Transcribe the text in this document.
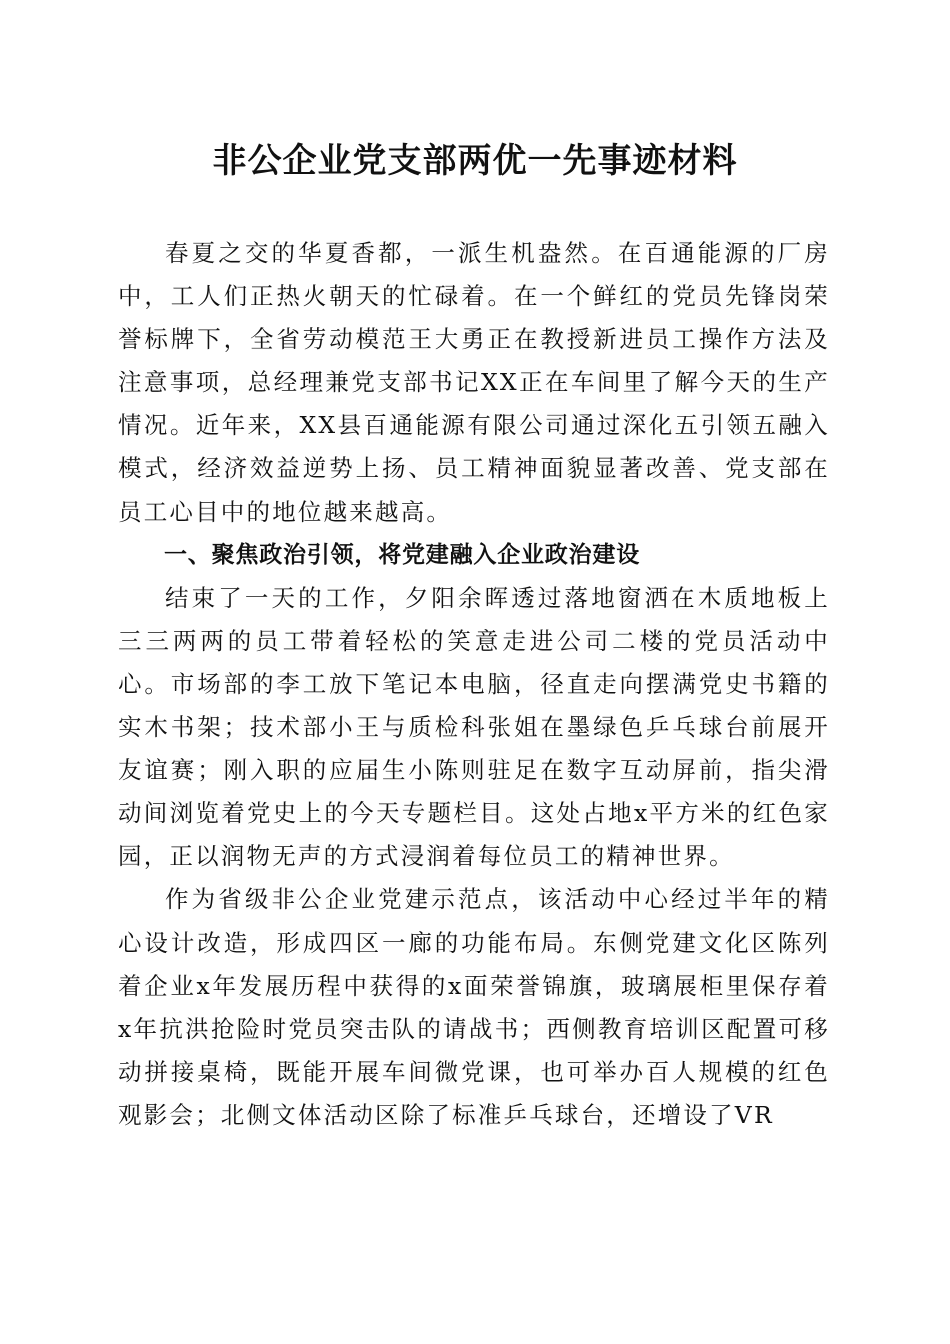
非公企业党支部两优一先事迹材料

春夏之交的华夏香都，一派生机盎然。在百通能源的厂房中，工人们正热火朝天的忙碌着。在一个鲜红的党员先锋岗荣誉标牌下，全省劳动模范王大勇正在教授新进员工操作方法及注意事项，总经理兼党支部书记XX正在车间里了解今天的生产情况。近年来，XX县百通能源有限公司通过深化五引领五融入模式，经济效益逆势上扬、员工精神面貌显著改善、党支部在员工心目中的地位越来越高。

一、聚焦政治引领，将党建融入企业政治建设

结束了一天的工作，夕阳余晖透过落地窗洒在木质地板上三三两两的员工带着轻松的笑意走进公司二楼的党员活动中心。市场部的李工放下笔记本电脑，径直走向摆满党史书籍的实木书架；技术部小王与质检科张姐在墨绿色乒乓球台前展开友谊赛；刚入职的应届生小陈则驻足在数字互动屏前，指尖滑动间浏览着党史上的今天专题栏目。这处占地x平方米的红色家园，正以润物无声的方式浸润着每位员工的精神世界。

作为省级非公企业党建示范点，该活动中心经过半年的精心设计改造，形成四区一廊的功能布局。东侧党建文化区陈列着企业x年发展历程中获得的x面荣誉锦旗，玻璃展柜里保存着x年抗洪抢险时党员突击队的请战书；西侧教育培训区配置可移动拼接桌椅，既能开展车间微党课，也可举办百人规模的红色观影会；北侧文体活动区除了标准乒乓球台，还增设了VR
